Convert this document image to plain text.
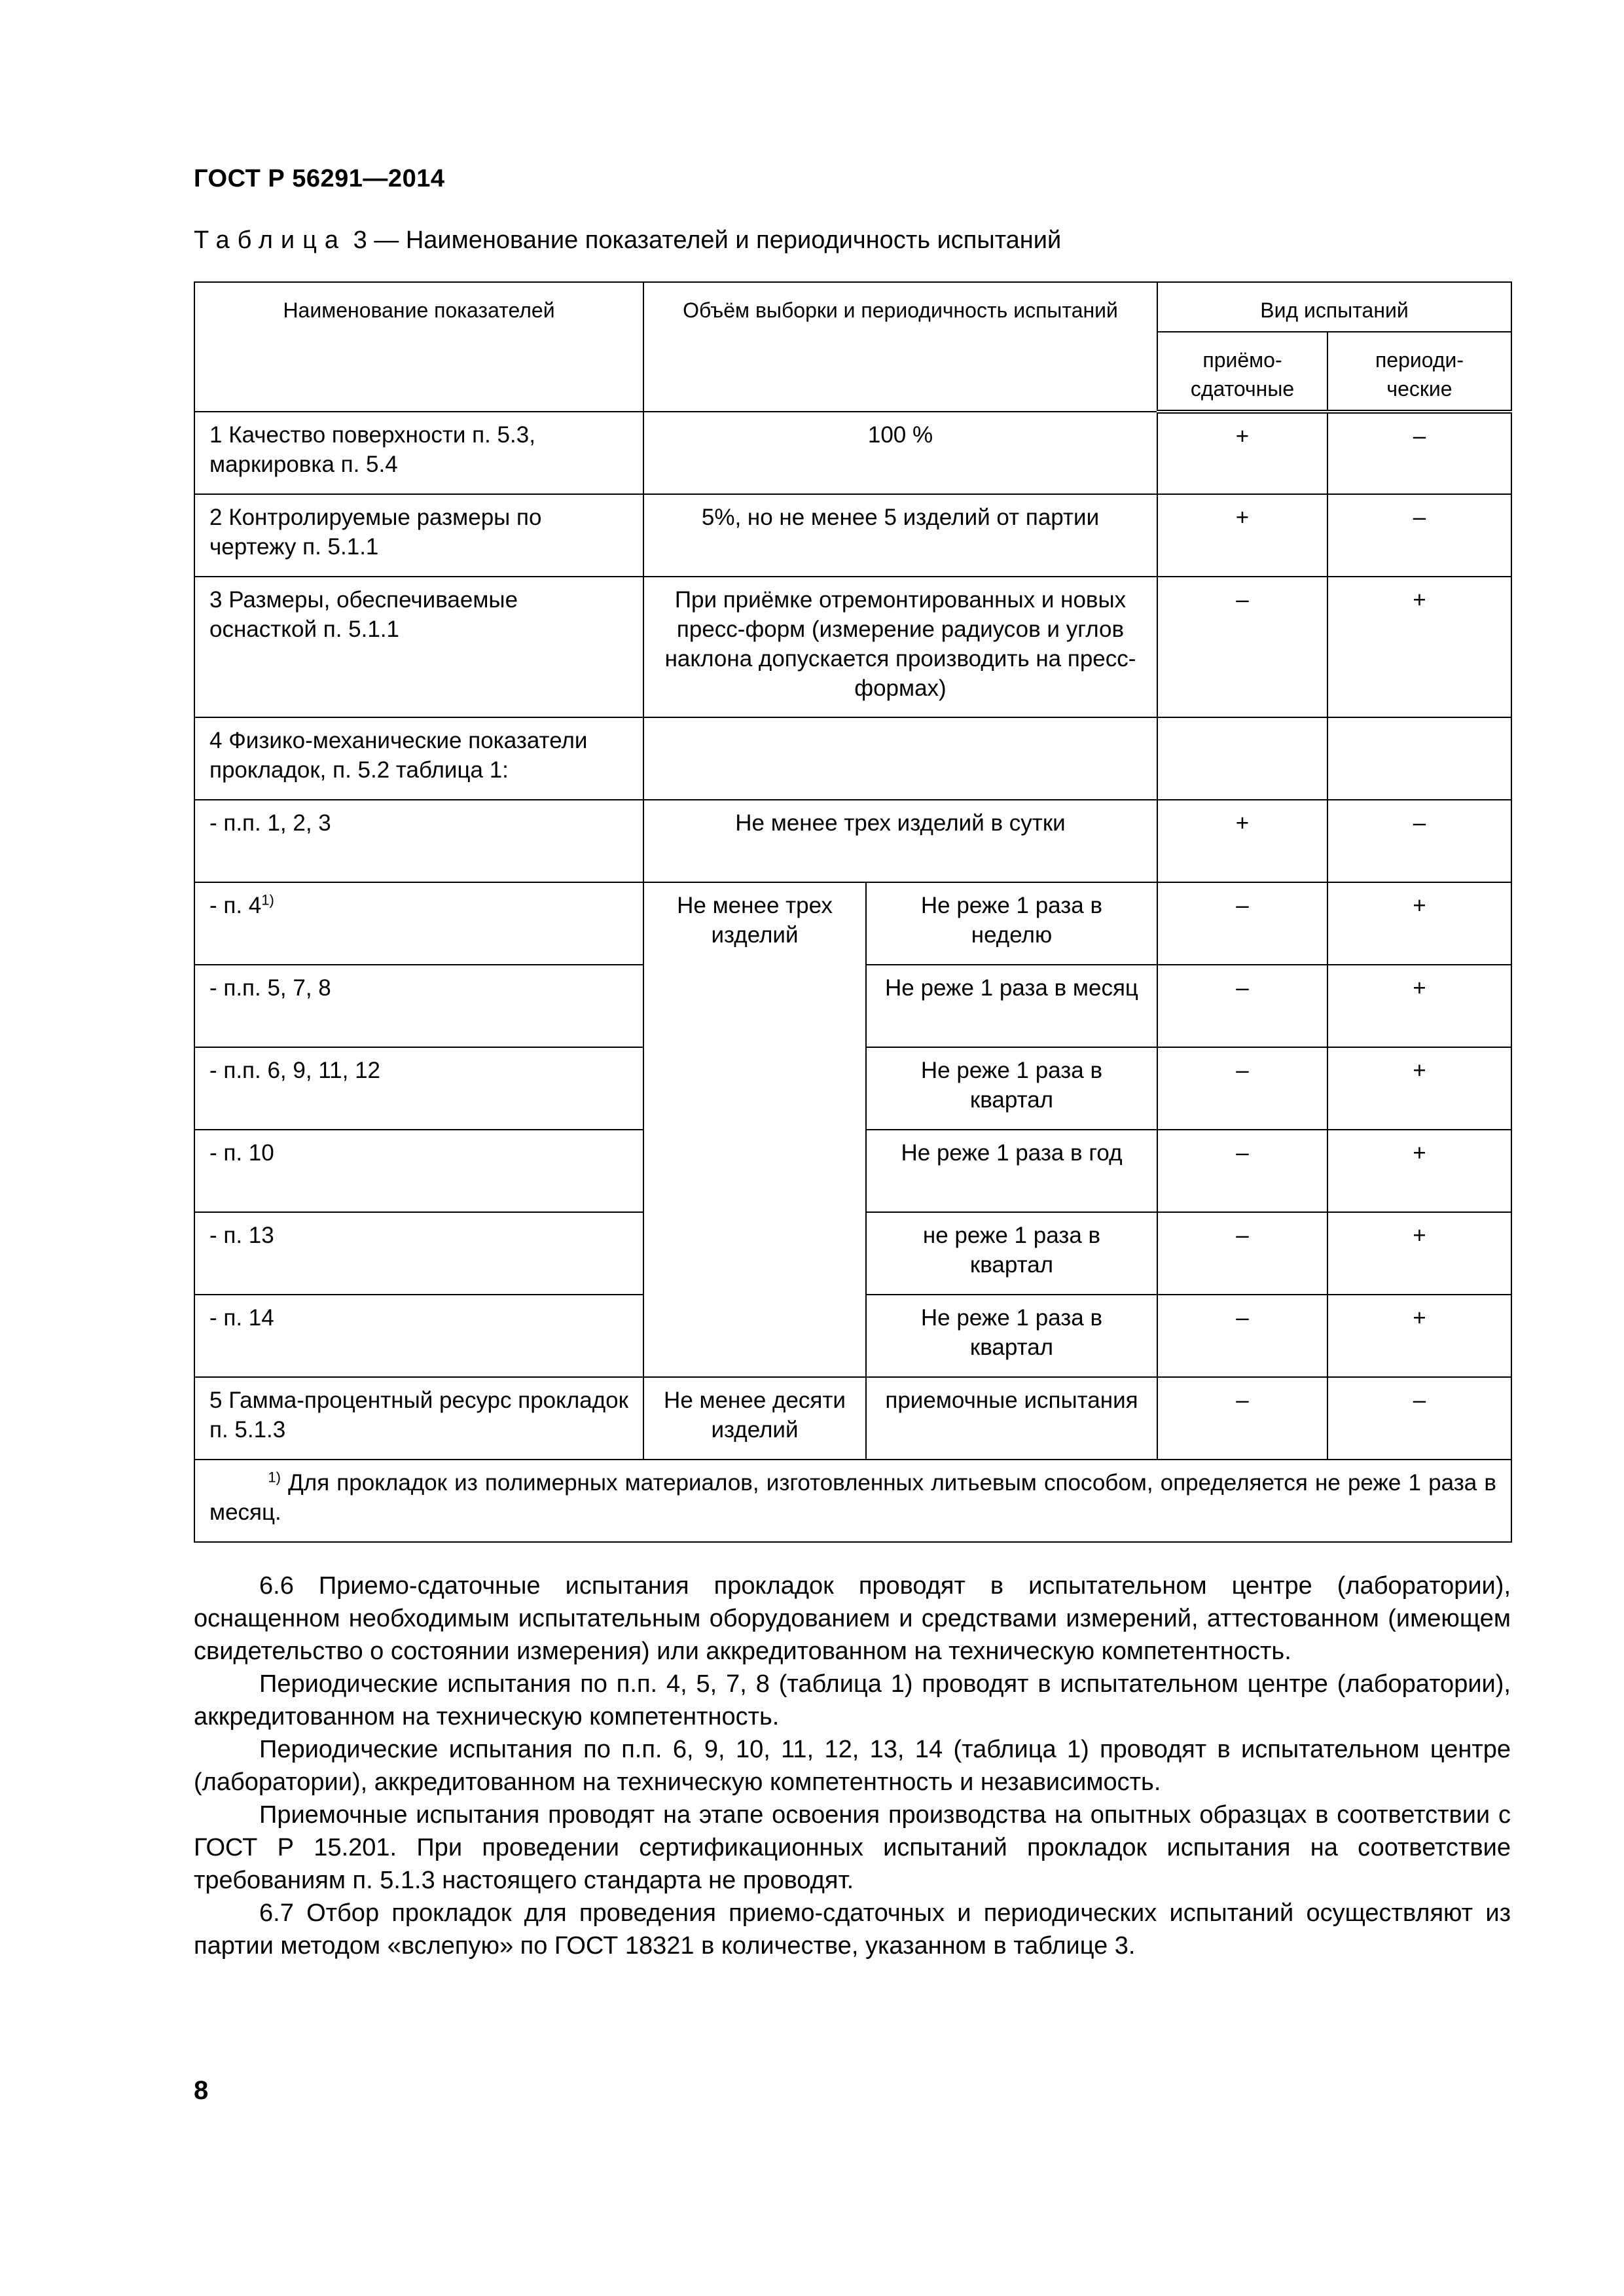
ГОСТ Р 56291—2014
Таблица 3 — Наименование показателей и периодичность испытаний
Наименование показателей	Объём выборки и периодичность испытаний		Вид испытаний	
			приёмо-сдаточные	периоди-ческие
1 Качество поверхности п. 5.3, маркировка п. 5.4	100 %		+	–
2 Контролируемые размеры по чертежу п. 5.1.1	5%, но не менее 5 изделий от партии		+	–
3 Размеры, обеспечиваемые оснасткой п. 5.1.1	При приёмке отремонтированных и новых пресс-форм (измерение радиусов и углов наклона допускается производить на пресс-формах)		–	+
4 Физико-механические показатели прокладок, п. 5.2 таблица 1:				
- п.п. 1, 2, 3	Не менее трех изделий в сутки		+	–
- п. 4$^{1)}$	Не менее трех изделий	Не реже 1 раза в неделю	–	+
- п.п. 5, 7, 8		Не реже 1 раза в месяц	–	+
- п.п. 6, 9, 11, 12		Не реже 1 раза в квартал	–	+
- п. 10		Не реже 1 раза в год	–	+
- п. 13		не реже 1 раза в квартал	–	+
- п. 14		Не реже 1 раза в квартал	–	+
5 Гамма-процентный ресурс прокладок п. 5.1.3	Не менее десяти изделий	приемочные испытания	–	–
$^{1)}$ Для прокладок из полимерных материалов, изготовленных литьевым способом, определяется не реже 1 раза в месяц.				

6.6 Приемо-сдаточные испытания прокладок проводят в испытательном центре (лаборатории), оснащенном необходимым испытательным оборудованием и средствами измерений, аттестованном (имеющем свидетельство о состоянии измерения) или аккредитованном на техническую компетентность.

Периодические испытания по п.п. 4, 5, 7, 8 (таблица 1) проводят в испытательном центре (лаборатории), аккредитованном на техническую компетентность.

Периодические испытания по п.п. 6, 9, 10, 11, 12, 13, 14 (таблица 1) проводят в испытательном центре (лаборатории), аккредитованном на техническую компетентность и независимость.

Приемочные испытания проводят на этапе освоения производства на опытных образцах в соответствии с ГОСТ Р 15.201. При проведении сертификационных испытаний прокладок испытания на соответствие требованиям п. 5.1.3 настоящего стандарта не проводят.

6.7 Отбор прокладок для проведения приемо-сдаточных и периодических испытаний осуществляют из партии методом «вслепую» по ГОСТ 18321 в количестве, указанном в таблице 3.

8
